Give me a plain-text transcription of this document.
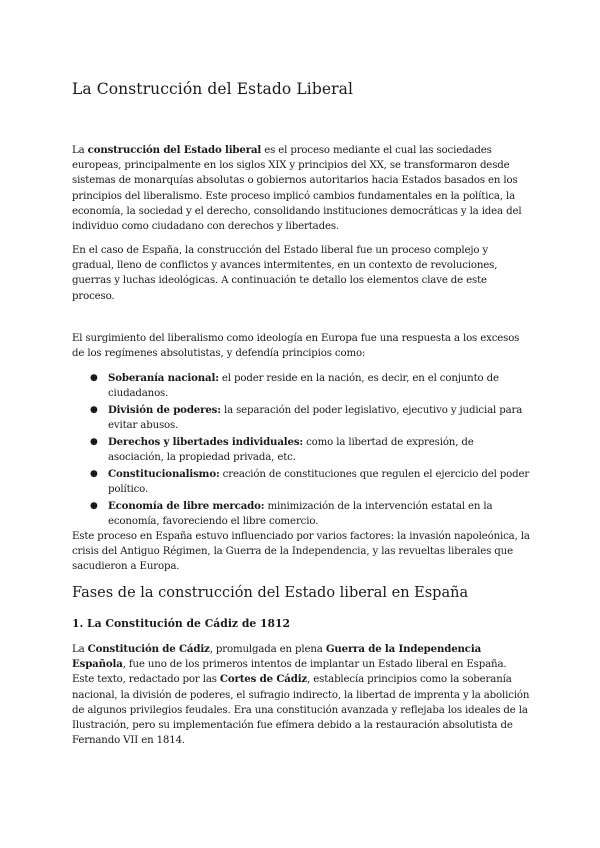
La Construcción del Estado Liberal

La construcción del Estado liberal es el proceso mediante el cual las sociedades europeas, principalmente en los siglos XIX y principios del XX, se transformaron desde sistemas de monarquías absolutas o gobiernos autoritarios hacia Estados basados en los principios del liberalismo. Este proceso implicó cambios fundamentales en la política, la economía, la sociedad y el derecho, consolidando instituciones democráticas y la idea del individuo como ciudadano con derechos y libertades.

En el caso de España, la construcción del Estado liberal fue un proceso complejo y gradual, lleno de conflictos y avances intermitentes, en un contexto de revoluciones, guerras y luchas ideológicas. A continuación te detallo los elementos clave de este proceso.

El surgimiento del liberalismo como ideología en Europa fue una respuesta a los excesos de los regímenes absolutistas, y defendía principios como:

● Soberanía nacional: el poder reside en la nación, es decir, en el conjunto de ciudadanos.
● División de poderes: la separación del poder legislativo, ejecutivo y judicial para evitar abusos.
● Derechos y libertades individuales: como la libertad de expresión, de asociación, la propiedad privada, etc.
● Constitucionalismo: creación de constituciones que regulen el ejercicio del poder político.
● Economía de libre mercado: minimización de la intervención estatal en la economía, favoreciendo el libre comercio.

Este proceso en España estuvo influenciado por varios factores: la invasión napoleónica, la crisis del Antiguo Régimen, la Guerra de la Independencia, y las revueltas liberales que sacudieron a Europa.

Fases de la construcción del Estado liberal en España
1. La Constitución de Cádiz de 1812

La Constitución de Cádiz, promulgada en plena Guerra de la Independencia Española, fue uno de los primeros intentos de implantar un Estado liberal en España. Este texto, redactado por las Cortes de Cádiz, establecía principios como la soberanía nacional, la división de poderes, el sufragio indirecto, la libertad de imprenta y la abolición de algunos privilegios feudales. Era una constitución avanzada y reflejaba los ideales de la Ilustración, pero su implementación fue efímera debido a la restauración absolutista de Fernando VII en 1814.
